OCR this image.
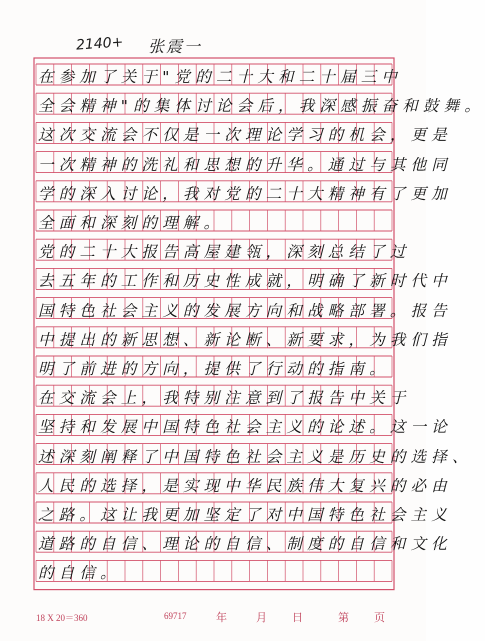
2140+ 张震一
在参加了关于"党的二十大和二十届三中
全会精神"的集体讨论会后，我深感振奋和鼓舞。
这次交流会不仅是一次理论学习的机会，更是
一次精神的洗礼和思想的升华。通过与其他同
学的深入讨论，我对党的二十大精神有了更加
全面和深刻的理解。
党的二十大报告高屋建瓴，深刻总结了过
去五年的工作和历史性成就，明确了新时代中
国特色社会主义的发展方向和战略部署。报告
中提出的新思想、新论断、新要求，为我们指
明了前进的方向，提供了行动的指南。
在交流会上，我特别注意到了报告中关于
坚持和发展中国特色社会主义的论述。这一论
述深刻阐释了中国特色社会主义是历史的选择、
人民的选择，是实现中华民族伟大复兴的必由
之路。这让我更加坚定了对中国特色社会主义
道路的自信、理论的自信、制度的自信和文化
的自信。
18 X 20＝360	69717	年	月 日	第 页
